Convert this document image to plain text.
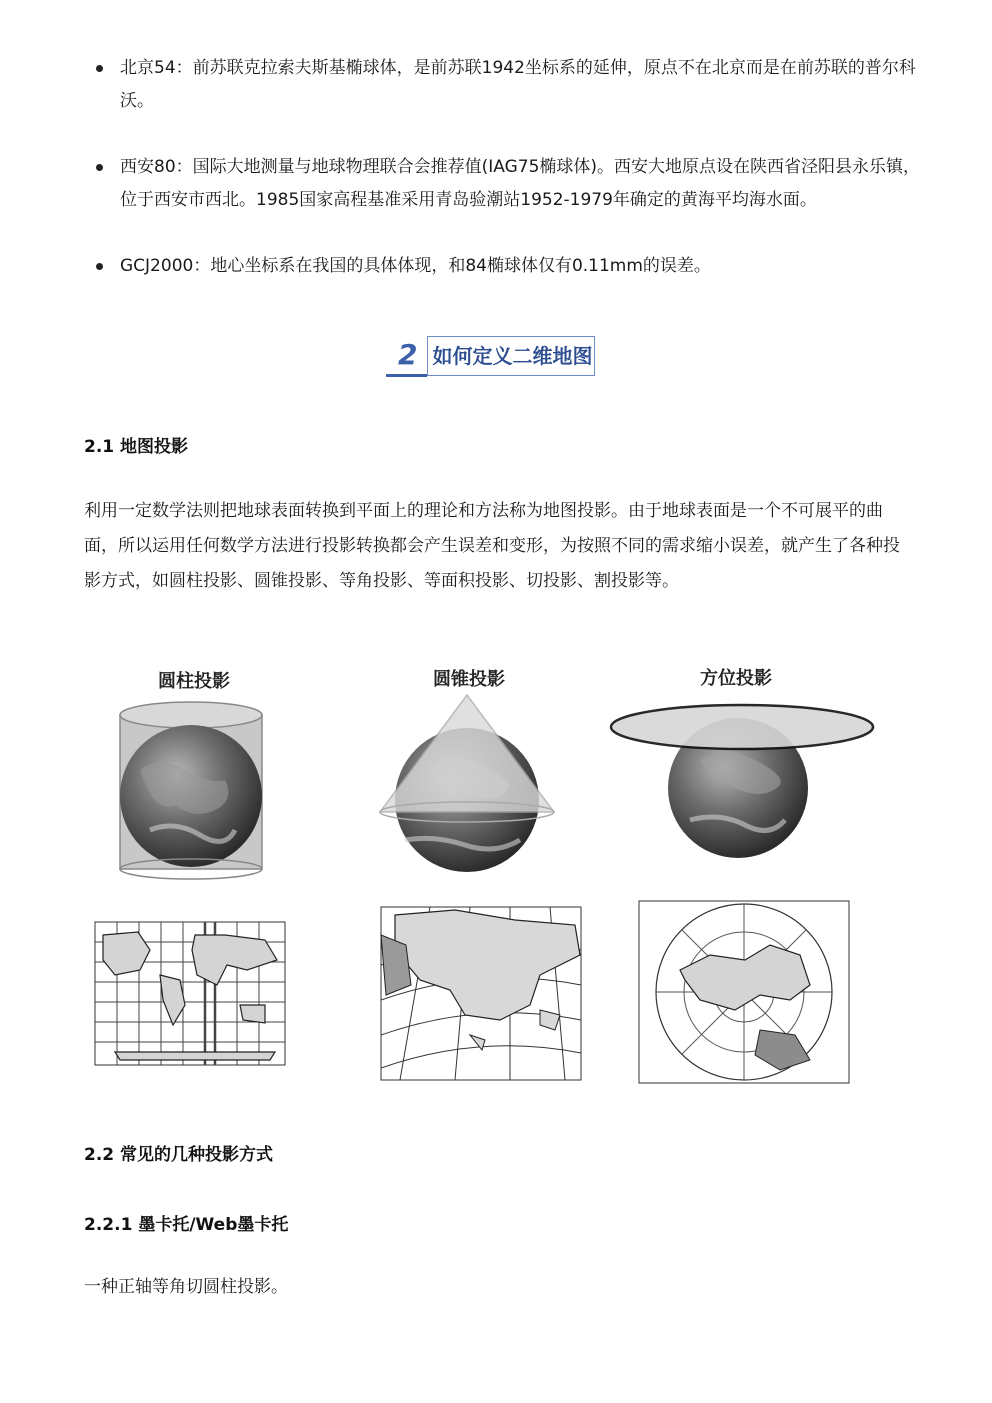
北京54：前苏联克拉索夫斯基椭球体，是前苏联1942坐标系的延伸，原点不在北京而是在前苏联的普尔科沃。
西安80：国际大地测量与地球物理联合会推荐值(IAG75椭球体)。西安大地原点设在陕西省泾阳县永乐镇，位于西安市西北。1985国家高程基准采用青岛验潮站1952-1979年确定的黄海平均海水面。
GCJ2000：地心坐标系在我国的具体体现，和84椭球体仅有0.11mm的误差。
2 如何定义二维地图
2.1 地图投影

利用一定数学法则把地球表面转换到平面上的理论和方法称为地图投影。由于地球表面是一个不可展平的曲面，所以运用任何数学方法进行投影转换都会产生误差和变形，为按照不同的需求缩小误差，就产生了各种投影方式，如圆柱投影、圆锥投影、等角投影、等面积投影、切投影、割投影等。

圆柱投影	圆锥投影	方位投影
2.2 常见的几种投影方式
2.2.1 墨卡托/Web墨卡托

一种正轴等角切圆柱投影。
